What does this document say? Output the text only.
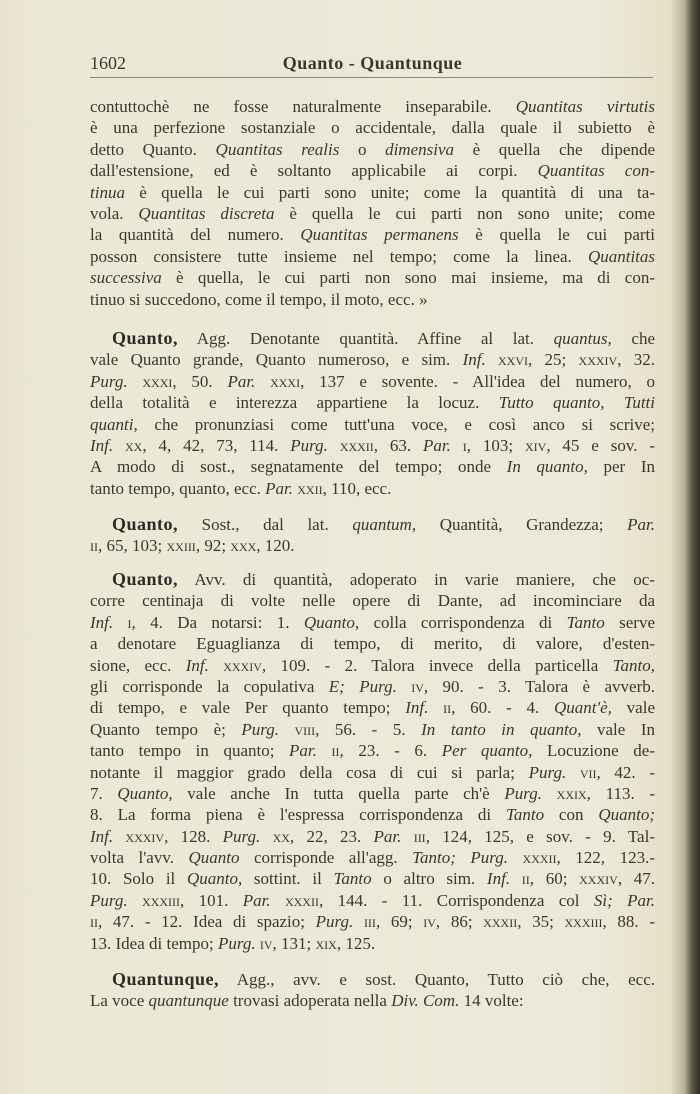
1602	Quanto - Quantunque
contuttochè ne fosse naturalmente inseparabile. Quantitas virtutis
è una perfezione sostanziale o accidentale, dalla quale il subietto è
detto Quanto. Quantitas realis o dimensiva è quella che dipende
dall'estensione, ed è soltanto applicabile ai corpi. Quantitas con-
tinua è quella le cui parti sono unite; come la quantità di una ta-
vola. Quantitas discreta è quella le cui parti non sono unite; come
la quantità del numero. Quantitas permanens è quella le cui parti
posson consistere tutte insieme nel tempo; come la linea. Quantitas
successiva è quella, le cui parti non sono mai insieme, ma di con-
tinuo si succedono, come il tempo, il moto, ecc. »
Quanto, Agg. Denotante quantità. Affine al lat. quantus, che
vale Quanto grande, Quanto numeroso, e sim. Inf. xxvi, 25; xxxiv, 32.
Purg. xxxi, 50. Par. xxxi, 137 e sovente. - All'idea del numero, o
della totalità e interezza appartiene la locuz. Tutto quanto, Tutti
quanti, che pronunziasi come tutt'una voce, e così anco si scrive;
Inf. xx, 4, 42, 73, 114. Purg. xxxii, 63. Par. i, 103; xiv, 45 e sov. -
A modo di sost., segnatamente del tempo; onde In quanto, per In
tanto tempo, quanto, ecc. Par. xxii, 110, ecc.
Quanto, Sost., dal lat. quantum, Quantità, Grandezza; Par.
ii, 65, 103; xxiii, 92; xxx, 120.
Quanto, Avv. di quantità, adoperato in varie maniere, che oc-
corre centinaja di volte nelle opere di Dante, ad incominciare da
Inf. i, 4. Da notarsi: 1. Quanto, colla corrispondenza di Tanto serve
a denotare Eguaglianza di tempo, di merito, di valore, d'esten-
sione, ecc. Inf. xxxiv, 109. - 2. Talora invece della particella Tanto,
gli corrisponde la copulativa E; Purg. iv, 90. - 3. Talora è avverb.
di tempo, e vale Per quanto tempo; Inf. ii, 60. - 4. Quant'è, vale
Quanto tempo è; Purg. viii, 56. - 5. In tanto in quanto, vale In
tanto tempo in quanto; Par. ii, 23. - 6. Per quanto, Locuzione de-
notante il maggior grado della cosa di cui si parla; Purg. vii, 42. -
7. Quanto, vale anche In tutta quella parte ch'è Purg. xxix, 113. -
8. La forma piena è l'espressa corrispondenza di Tanto con Quanto;
Inf. xxxiv, 128. Purg. xx, 22, 23. Par. iii, 124, 125, e sov. - 9. Tal-
volta l'avv. Quanto corrisponde all'agg. Tanto; Purg. xxxii, 122, 123.-
10. Solo il Quanto, sottint. il Tanto o altro sim. Inf. ii, 60; xxxiv, 47.
Purg. xxxiii, 101. Par. xxxii, 144. - 11. Corrispondenza col Sì; Par.
ii, 47. - 12. Idea di spazio; Purg. iii, 69; iv, 86; xxxii, 35; xxxiii, 88. -
13. Idea di tempo; Purg. iv, 131; xix, 125.
Quantunque, Agg., avv. e sost. Quanto, Tutto ciò che, ecc.
La voce quantunque trovasi adoperata nella Div. Com. 14 volte:
